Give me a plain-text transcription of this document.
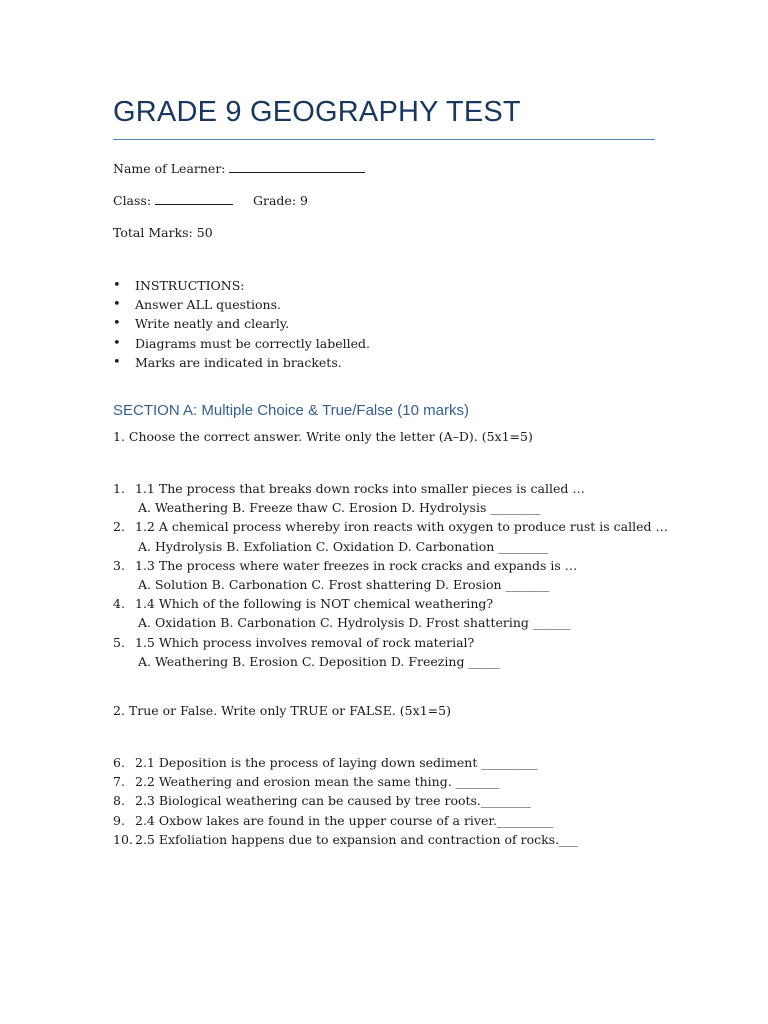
GRADE 9 GEOGRAPHY TEST
Name of Learner:
Class:	Grade: 9
Total Marks: 50
• INSTRUCTIONS:
• Answer ALL questions.
• Write neatly and clearly.
• Diagrams must be correctly labelled.
• Marks are indicated in brackets.
SECTION A: Multiple Choice & True/False (10 marks)
1. Choose the correct answer. Write only the letter (A–D). (5x1=5)
1. 1.1 The process that breaks down rocks into smaller pieces is called …
A. Weathering B. Freeze thaw C. Erosion D. Hydrolysis ________
2. 1.2 A chemical process whereby iron reacts with oxygen to produce rust is called …
A. Hydrolysis B. Exfoliation C. Oxidation D. Carbonation ________
3. 1.3 The process where water freezes in rock cracks and expands is …
A. Solution B. Carbonation C. Frost shattering D. Erosion _______
4. 1.4 Which of the following is NOT chemical weathering?
A. Oxidation B. Carbonation C. Hydrolysis D. Frost shattering ______
5. 1.5 Which process involves removal of rock material?
A. Weathering B. Erosion C. Deposition D. Freezing _____
2. True or False. Write only TRUE or FALSE. (5x1=5)
6. 2.1 Deposition is the process of laying down sediment _________
7. 2.2 Weathering and erosion mean the same thing. _______
8. 2.3 Biological weathering can be caused by tree roots.________
9. 2.4 Oxbow lakes are found in the upper course of a river._________
10. 2.5 Exfoliation happens due to expansion and contraction of rocks.___
